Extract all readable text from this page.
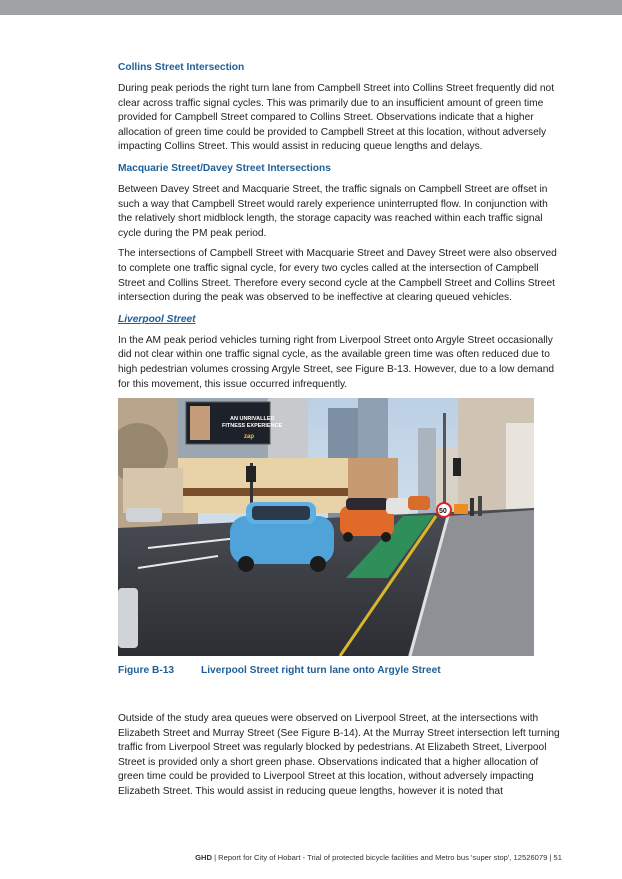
Collins Street Intersection

During peak periods the right turn lane from Campbell Street into Collins Street frequently did not clear across traffic signal cycles. This was primarily due to an insufficient amount of green time provided for Campbell Street compared to Collins Street. Observations indicate that a higher allocation of green time could be provided to Campbell Street at this location, without adversely impacting Collins Street. This would assist in reducing queue lengths and delays.

Macquarie Street/Davey Street Intersections

Between Davey Street and Macquarie Street, the traffic signals on Campbell Street are offset in such a way that Campbell Street would rarely experience uninterrupted flow. In conjunction with the relatively short midblock length, the storage capacity was reached within each traffic signal cycle during the PM peak period.

The intersections of Campbell Street with Macquarie Street and Davey Street were also observed to complete one traffic signal cycle, for every two cycles called at the intersection of Campbell Street and Collins Street. Therefore every second cycle at the Campbell Street and Collins Street intersection during the peak was observed to be ineffective at clearing queued vehicles.

Liverpool Street

In the AM peak period vehicles turning right from Liverpool Street onto Argyle Street occasionally did not clear within one traffic signal cycle, as the available green time was often reduced due to high pedestrian volumes crossing Argyle Street, see Figure B-13. However, due to a low demand for this movement, this issue occurred infrequently.

AN UNRIVALLED
FITNESS EXPERIENCE
zap
50
Figure B-13	Liverpool Street right turn lane onto Argyle Street

Outside of the study area queues were observed on Liverpool Street, at the intersections with Elizabeth Street and Murray Street (See Figure B-14). At the Murray Street intersection left turning traffic from Liverpool Street was regularly blocked by pedestrians. At Elizabeth Street, Liverpool Street is provided only a short green phase. Observations indicated that a higher allocation of green time could be provided to Liverpool Street at this location, without adversely impacting Elizabeth Street. This would assist in reducing queue lengths, however it is noted that

GHD | Report for City of Hobart - Trial of protected bicycle facilities and Metro bus 'super stop', 12526079 | 51
